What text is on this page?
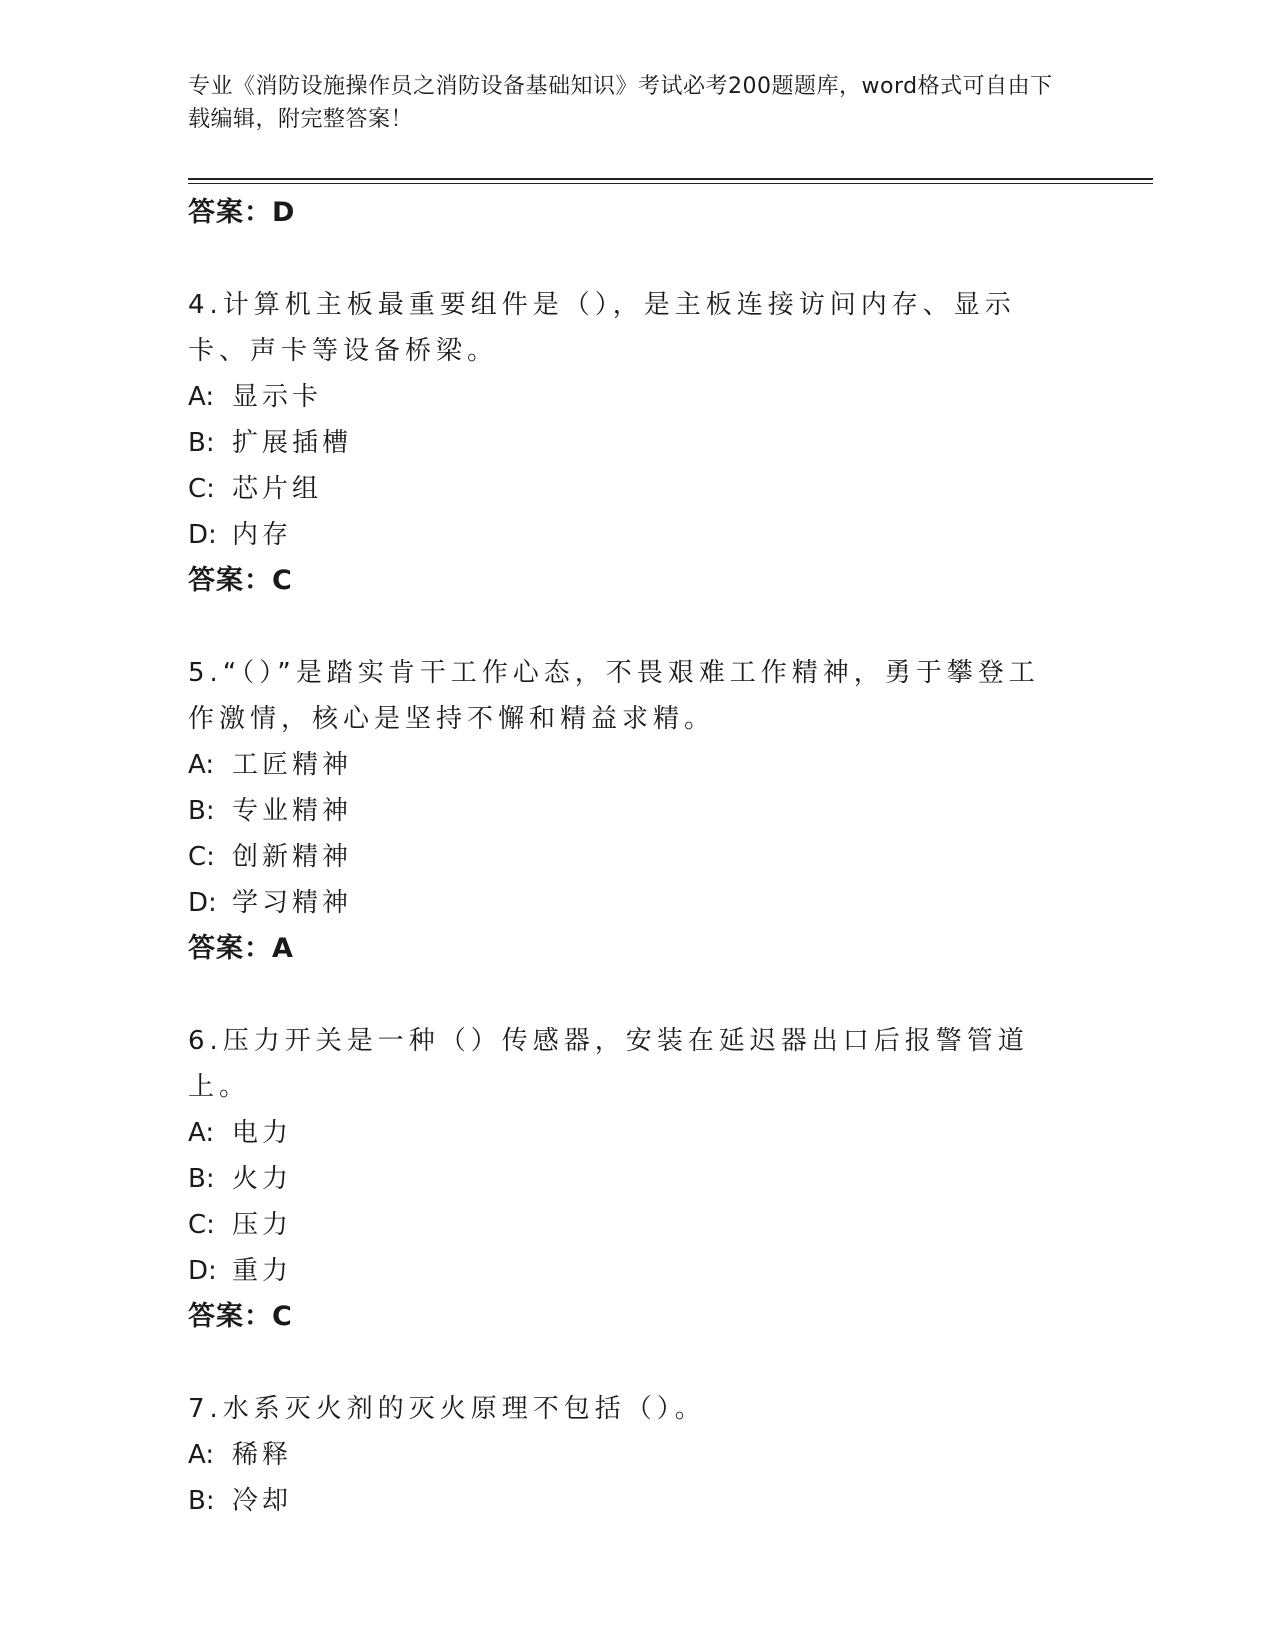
专业《消防设施操作员之消防设备基础知识》考试必考200题题库，word格式可自由下载编辑，附完整答案！
答案：D
4.计算机主板最重要组件是（），是主板连接访问内存、显示卡、声卡等设备桥梁。
A: 显示卡
B: 扩展插槽
C: 芯片组
D: 内存
答案：C
5.“（）”是踏实肯干工作心态，不畏艰难工作精神，勇于攀登工作激情，核心是坚持不懈和精益求精。
A: 工匠精神
B: 专业精神
C: 创新精神
D: 学习精神
答案：A
6.压力开关是一种（）传感器，安装在延迟器出口后报警管道上。
A: 电力
B: 火力
C: 压力
D: 重力
答案：C
7.水系灭火剂的灭火原理不包括（）。
A: 稀释
B: 冷却
